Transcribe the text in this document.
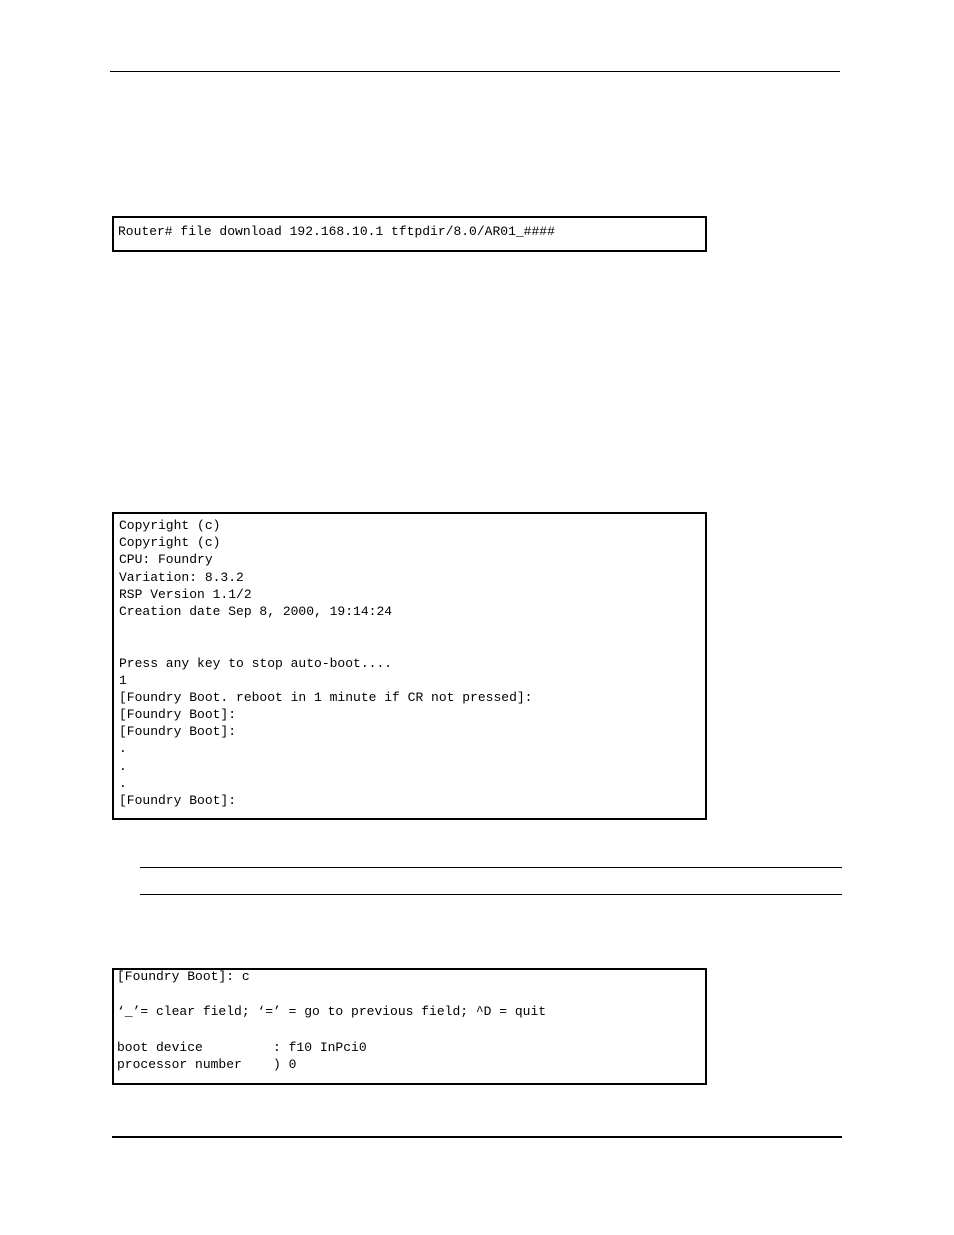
Router# file download 192.168.10.1 tftpdir/8.0/AR01_####
Copyright (c)
Copyright (c)
CPU: Foundry
Variation: 8.3.2
RSP Version 1.1/2
Creation date Sep 8, 2000, 19:14:24
Press any key to stop auto-boot....
1
[Foundry Boot. reboot in 1 minute if CR not pressed]:
[Foundry Boot]:
[Foundry Boot]:
.
.
.
[Foundry Boot]:
[Foundry Boot]: c
‘_’= clear field; ‘=’ = go to previous field; ^D = quit
boot device         : f10 InPci0
processor number    ) 0
